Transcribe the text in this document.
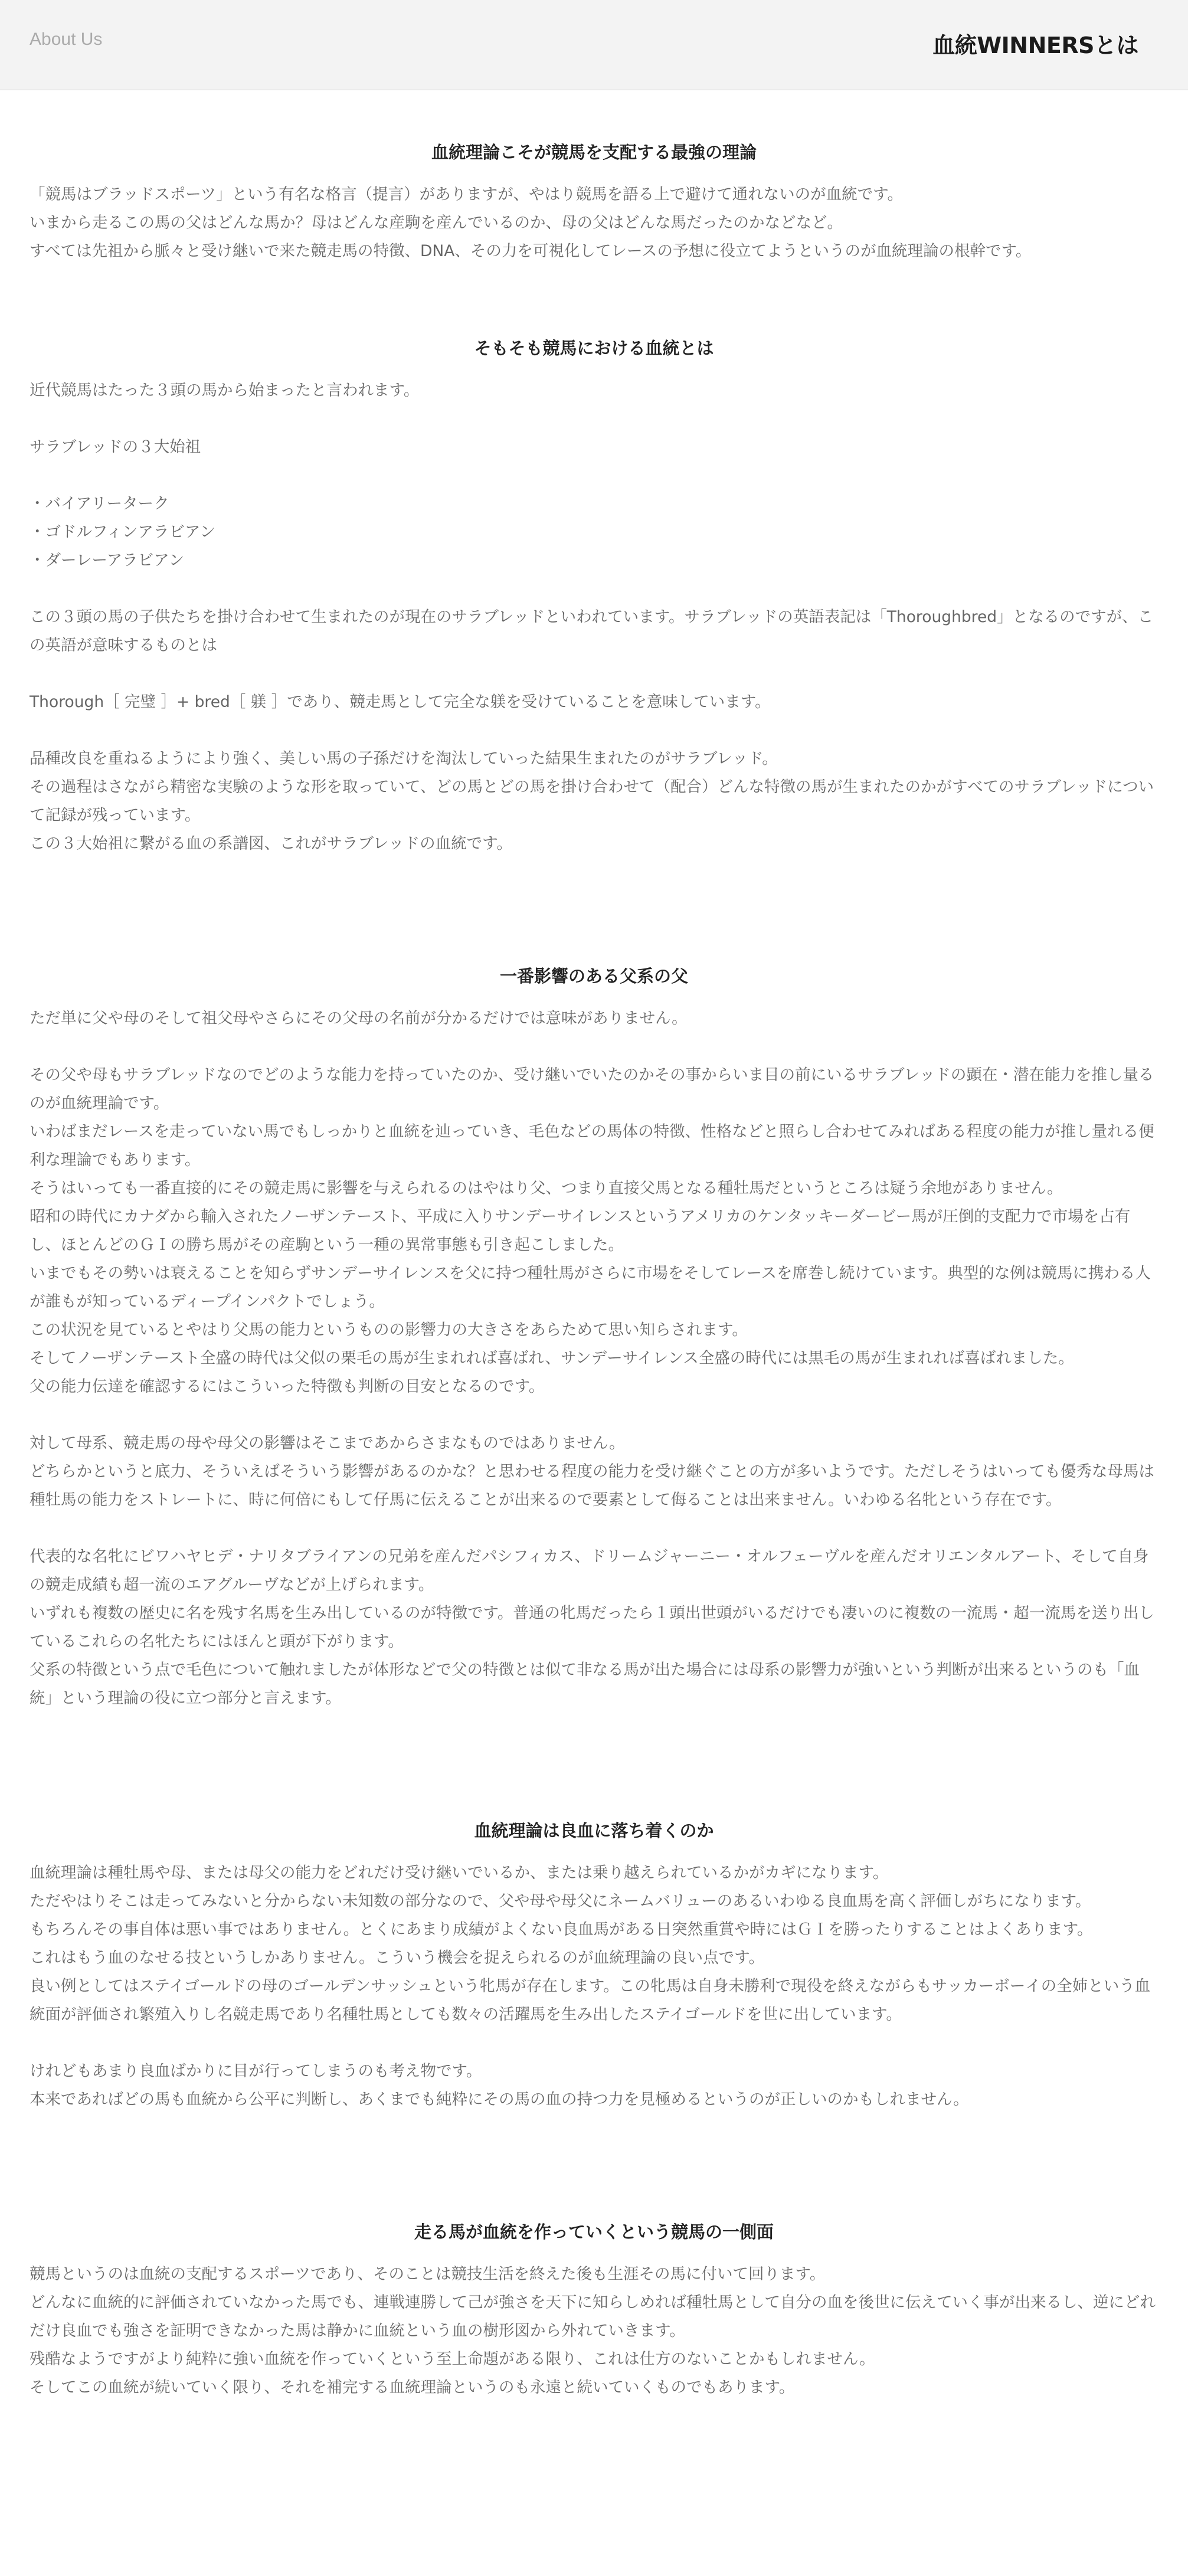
About Us	血統WINNERSとは
血統理論こそが競馬を支配する最強の理論

「競馬はブラッドスポーツ」という有名な格言（提言）がありますが、やはり競馬を語る上で避けて通れないのが血統です。

いまから走るこの馬の父はどんな馬か？母はどんな産駒を産んでいるのか、母の父はどんな馬だったのかなどなど。

すべては先祖から脈々と受け継いで来た競走馬の特徴、DNA、その力を可視化してレースの予想に役立てようというのが血統理論の根幹です。

そもそも競馬における血統とは

近代競馬はたった３頭の馬から始まったと言われます。

サラブレッドの３大始祖

・バイアリーターク

・ゴドルフィンアラビアン

・ダーレーアラビアン

この３頭の馬の子供たちを掛け合わせて生まれたのが現在のサラブレッドといわれています。サラブレッドの英語表記は「Thoroughbred」となるのですが、この英語が意味するものとは

Thorough［ 完璧 ］+ bred［ 躾 ］であり、競走馬として完全な躾を受けていることを意味しています。

品種改良を重ねるようにより強く、美しい馬の子孫だけを淘汰していった結果生まれたのがサラブレッド。

その過程はさながら精密な実験のような形を取っていて、どの馬とどの馬を掛け合わせて（配合）どんな特徴の馬が生まれたのかがすべてのサラブレッドについて記録が残っています。

この３大始祖に繋がる血の系譜図、これがサラブレッドの血統です。

一番影響のある父系の父

ただ単に父や母のそして祖父母やさらにその父母の名前が分かるだけでは意味がありません。

その父や母もサラブレッドなのでどのような能力を持っていたのか、受け継いでいたのかその事からいま目の前にいるサラブレッドの顕在・潜在能力を推し量るのが血統理論です。

いわばまだレースを走っていない馬でもしっかりと血統を辿っていき、毛色などの馬体の特徴、性格などと照らし合わせてみればある程度の能力が推し量れる便利な理論でもあります。

そうはいっても一番直接的にその競走馬に影響を与えられるのはやはり父、つまり直接父馬となる種牡馬だというところは疑う余地がありません。

昭和の時代にカナダから輸入されたノーザンテースト、平成に入りサンデーサイレンスというアメリカのケンタッキーダービー馬が圧倒的支配力で市場を占有し、ほとんどのＧＩの勝ち馬がその産駒という一種の異常事態も引き起こしました。

いまでもその勢いは衰えることを知らずサンデーサイレンスを父に持つ種牡馬がさらに市場をそしてレースを席巻し続けています。典型的な例は競馬に携わる人が誰もが知っているディープインパクトでしょう。

この状況を見ているとやはり父馬の能力というものの影響力の大きさをあらためて思い知らされます。

そしてノーザンテースト全盛の時代は父似の栗毛の馬が生まれれば喜ばれ、サンデーサイレンス全盛の時代には黒毛の馬が生まれれば喜ばれました。

父の能力伝達を確認するにはこういった特徴も判断の目安となるのです。

対して母系、競走馬の母や母父の影響はそこまであからさまなものではありません。

どちらかというと底力、そういえばそういう影響があるのかな？と思わせる程度の能力を受け継ぐことの方が多いようです。ただしそうはいっても優秀な母馬は種牡馬の能力をストレートに、時に何倍にもして仔馬に伝えることが出来るので要素として侮ることは出来ません。いわゆる名牝という存在です。

代表的な名牝にビワハヤヒデ・ナリタブライアンの兄弟を産んだパシフィカス、ドリームジャーニー・オルフェーヴルを産んだオリエンタルアート、そして自身の競走成績も超一流のエアグルーヴなどが上げられます。

いずれも複数の歴史に名を残す名馬を生み出しているのが特徴です。普通の牝馬だったら１頭出世頭がいるだけでも凄いのに複数の一流馬・超一流馬を送り出しているこれらの名牝たちにはほんと頭が下がります。

父系の特徴という点で毛色について触れましたが体形などで父の特徴とは似て非なる馬が出た場合には母系の影響力が強いという判断が出来るというのも「血統」という理論の役に立つ部分と言えます。

血統理論は良血に落ち着くのか

血統理論は種牡馬や母、または母父の能力をどれだけ受け継いでいるか、または乗り越えられているかがカギになります。

ただやはりそこは走ってみないと分からない未知数の部分なので、父や母や母父にネームバリューのあるいわゆる良血馬を高く評価しがちになります。

もちろんその事自体は悪い事ではありません。とくにあまり成績がよくない良血馬がある日突然重賞や時にはＧＩを勝ったりすることはよくあります。

これはもう血のなせる技というしかありません。こういう機会を捉えられるのが血統理論の良い点です。

良い例としてはステイゴールドの母のゴールデンサッシュという牝馬が存在します。この牝馬は自身未勝利で現役を終えながらもサッカーボーイの全姉という血統面が評価され繁殖入りし名競走馬であり名種牡馬としても数々の活躍馬を生み出したステイゴールドを世に出しています。

けれどもあまり良血ばかりに目が行ってしまうのも考え物です。

本来であればどの馬も血統から公平に判断し、あくまでも純粋にその馬の血の持つ力を見極めるというのが正しいのかもしれません。

走る馬が血統を作っていくという競馬の一側面

競馬というのは血統の支配するスポーツであり、そのことは競技生活を終えた後も生涯その馬に付いて回ります。

どんなに血統的に評価されていなかった馬でも、連戦連勝して己が強さを天下に知らしめれば種牡馬として自分の血を後世に伝えていく事が出来るし、逆にどれだけ良血でも強さを証明できなかった馬は静かに血統という血の樹形図から外れていきます。

残酷なようですがより純粋に強い血統を作っていくという至上命題がある限り、これは仕方のないことかもしれません。

そしてこの血統が続いていく限り、それを補完する血統理論というのも永遠と続いていくものでもあります。
